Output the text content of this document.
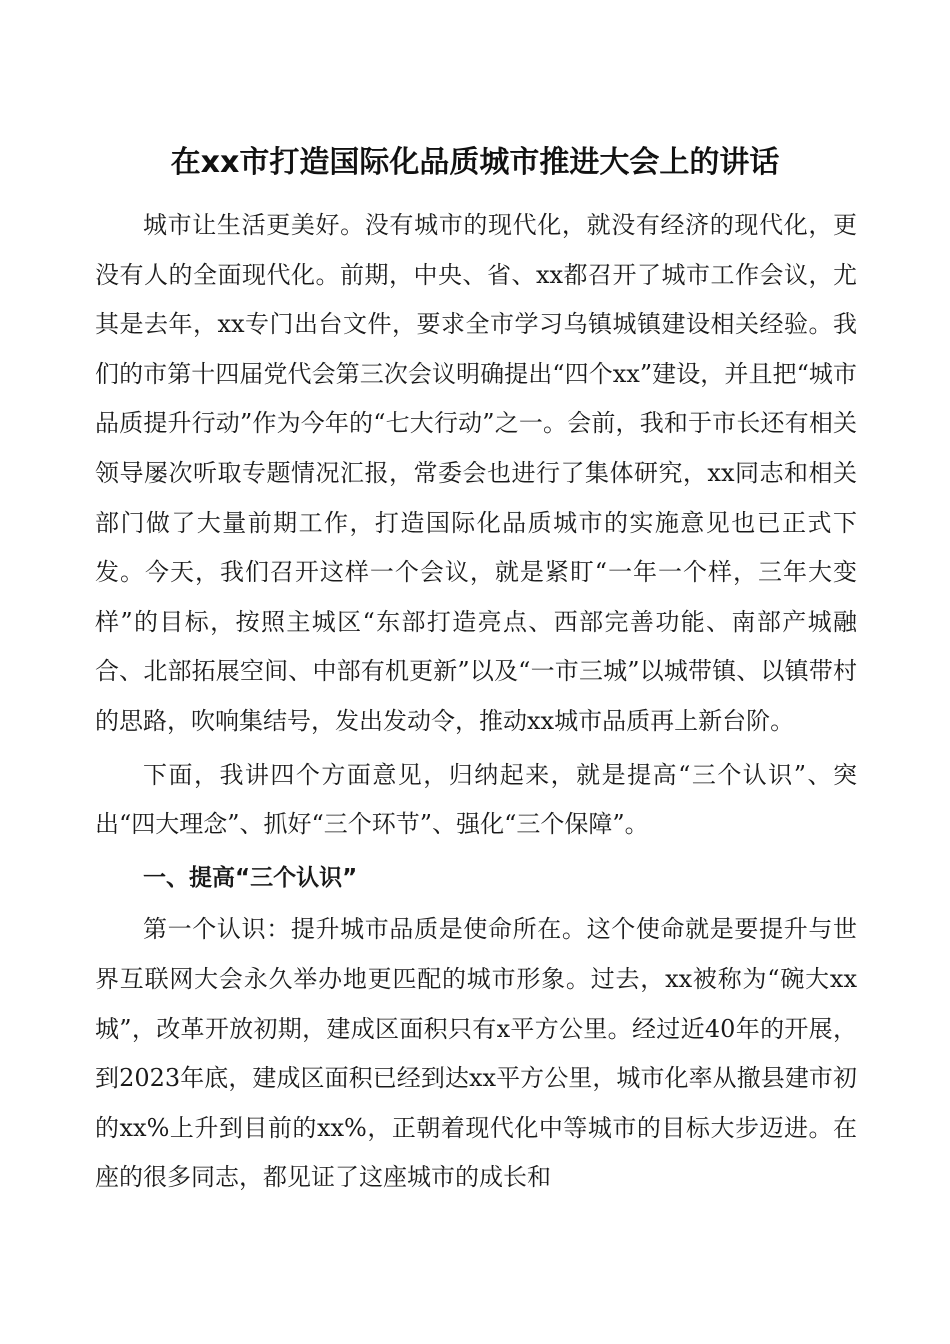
在xx市打造国际化品质城市推进大会上的讲话

城市让生活更美好。没有城市的现代化，就没有经济的现代化，更没有人的全面现代化。前期，中央、省、xx都召开了城市工作会议，尤其是去年，xx专门出台文件，要求全市学习乌镇城镇建设相关经验。我们的市第十四届党代会第三次会议明确提出“四个xx”建设，并且把“城市品质提升行动”作为今年的“七大行动”之一。会前，我和于市长还有相关领导屡次听取专题情况汇报，常委会也进行了集体研究，xx同志和相关部门做了大量前期工作，打造国际化品质城市的实施意见也已正式下发。今天，我们召开这样一个会议，就是紧盯“一年一个样，三年大变样”的目标，按照主城区“东部打造亮点、西部完善功能、南部产城融合、北部拓展空间、中部有机更新”以及“一市三城”以城带镇、以镇带村的思路，吹响集结号，发出发动令，推动xx城市品质再上新台阶。

下面，我讲四个方面意见，归纳起来，就是提高“三个认识”、突出“四大理念”、抓好“三个环节”、强化“三个保障”。

一、提高“三个认识”

第一个认识：提升城市品质是使命所在。这个使命就是要提升与世界互联网大会永久举办地更匹配的城市形象。过去，xx被称为“碗大xx城”，改革开放初期，建成区面积只有x平方公里。经过近40年的开展，到2023年底，建成区面积已经到达xx平方公里，城市化率从撤县建市初的xx%上升到目前的xx%，正朝着现代化中等城市的目标大步迈进。在座的很多同志，都见证了这座城市的成长和
